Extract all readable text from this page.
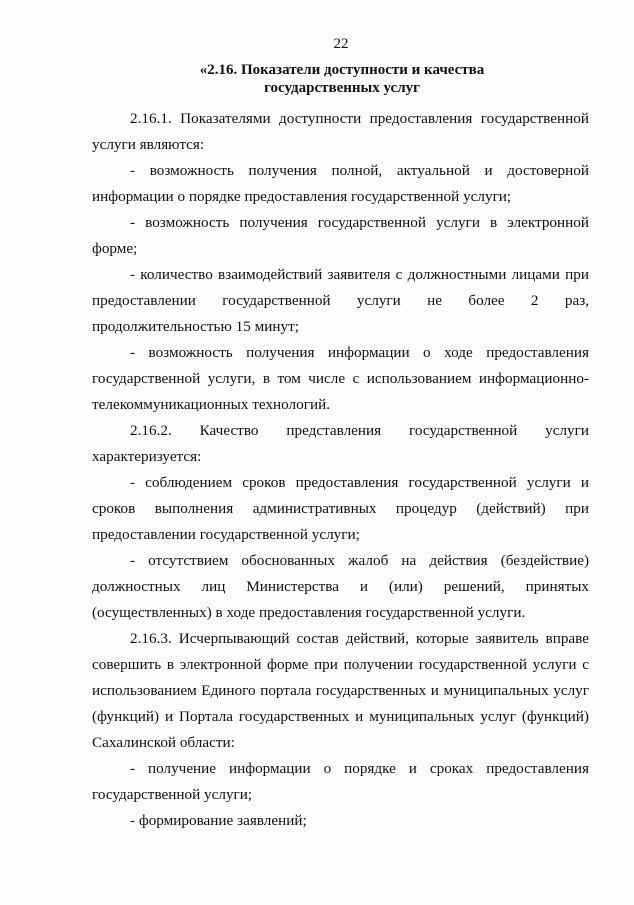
22
«2.16. Показатели доступности и качества
государственных услуг

2.16.1. Показателями доступности предоставления государственной услуги являются:

- возможность получения полной, актуальной и достоверной информации о порядке предоставления государственной услуги;

- возможность получения государственной услуги в электронной форме;

- количество взаимодействий заявителя с должностными лицами при предоставлении государственной услуги не более 2 раз, продолжительностью 15 минут;

- возможность получения информации о ходе предоставления государственной услуги, в том числе с использованием информационно-телекоммуникационных технологий.

2.16.2. Качество представления государственной услуги характеризуется:

- соблюдением сроков предоставления государственной услуги и сроков выполнения административных процедур (действий) при предоставлении государственной услуги;

- отсутствием обоснованных жалоб на действия (бездействие) должностных лиц Министерства и (или) решений, принятых (осуществленных) в ходе предоставления государственной услуги.

2.16.3. Исчерпывающий состав действий, которые заявитель вправе совершить в электронной форме при получении государственной услуги с использованием Единого портала государственных и муниципальных услуг (функций) и Портала государственных и муниципальных услуг (функций) Сахалинской области:

- получение информации о порядке и сроках предоставления государственной услуги;

- формирование заявлений;
